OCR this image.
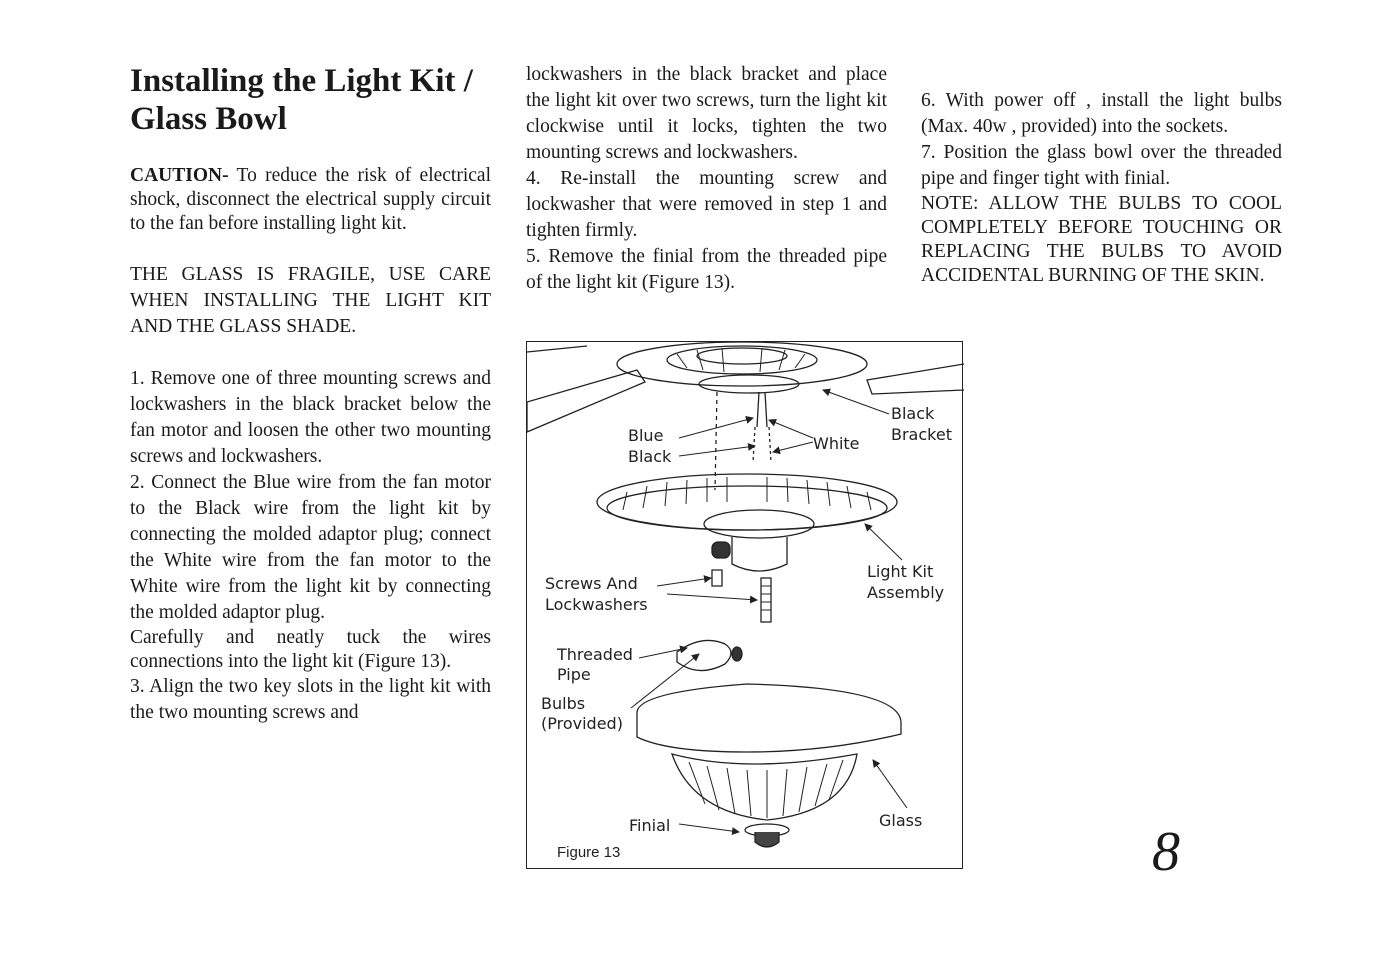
Installing the Light Kit / Glass Bowl

CAUTION- To reduce the risk of electrical shock, disconnect the electrical supply circuit to the fan before installing light kit.

THE GLASS IS FRAGILE, USE CARE WHEN INSTALLING THE LIGHT KIT AND THE GLASS SHADE.

1. Remove one of three mounting screws and lockwashers in the black bracket below the fan motor and loosen the other two mounting screws and lockwashers.

2. Connect the Blue wire from the fan motor to the Black wire from the light kit by connecting the molded adaptor plug; connect the White wire from the fan motor to the White wire from the light kit by connecting the molded adaptor plug.

Carefully and neatly tuck the wires connections into the light kit (Figure 13).

3. Align the two key slots in the light kit with the two mounting screws and

lockwashers in the black bracket and place the light kit over two screws, turn the light kit clockwise until it locks, tighten the two mounting screws and lockwashers.

4. Re-install the mounting screw and lockwasher that were removed in step 1 and tighten firmly.

5. Remove the finial from the threaded pipe of the light kit (Figure 13).

6. With power off , install the light bulbs (Max. 40w , provided) into the sockets.

7. Position the glass bowl over the threaded pipe and finger tight with finial.

NOTE: ALLOW THE BULBS TO COOL COMPLETELY BEFORE TOUCHING OR REPLACING THE BULBS TO AVOID ACCIDENTAL BURNING OF THE SKIN.

Blue
Black
White
Black
Bracket
Screws And
Lockwashers
Light Kit
Assembly
Threaded
Pipe
Bulbs
(Provided)
Finial	Glass
Figure 13	8
